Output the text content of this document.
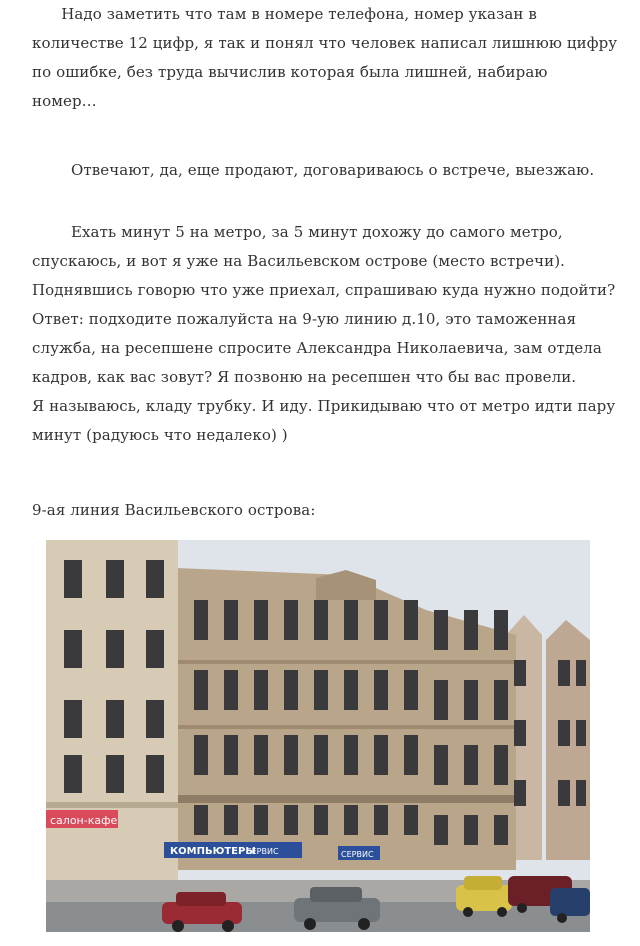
Надо заметить что там в номере телефона, номер указан в
количестве 12 цифр, я так и понял что человек написал лишнюю цифру
по ошибке, без труда вычислив которая была лишней, набираю
номер…
Отвечают, да, еще продают, договариваюсь о встрече, выезжаю.
Ехать минут 5 на метро, за 5 минут дохожу до самого метро,
спускаюсь, и вот я уже на Васильевском острове (место встречи).
Поднявшись говорю что уже приехал, спрашиваю куда нужно подойти?
Ответ: подходите пожалуйста на 9-ую линию д.10, это таможенная
служба, на ресепшене спросите Александра Николаевича, зам отдела
кадров, как вас зовут? Я позвоню на ресепшен что бы вас провели.
Я называюсь, кладу трубку. И иду. Прикидываю что от метро идти пару
минут (радуюсь что недалеко) )
9-ая линия Васильевского острова:
салон-кафе
КОМПЬЮТЕРЫ
СЕРВИС	СЕРВИС
